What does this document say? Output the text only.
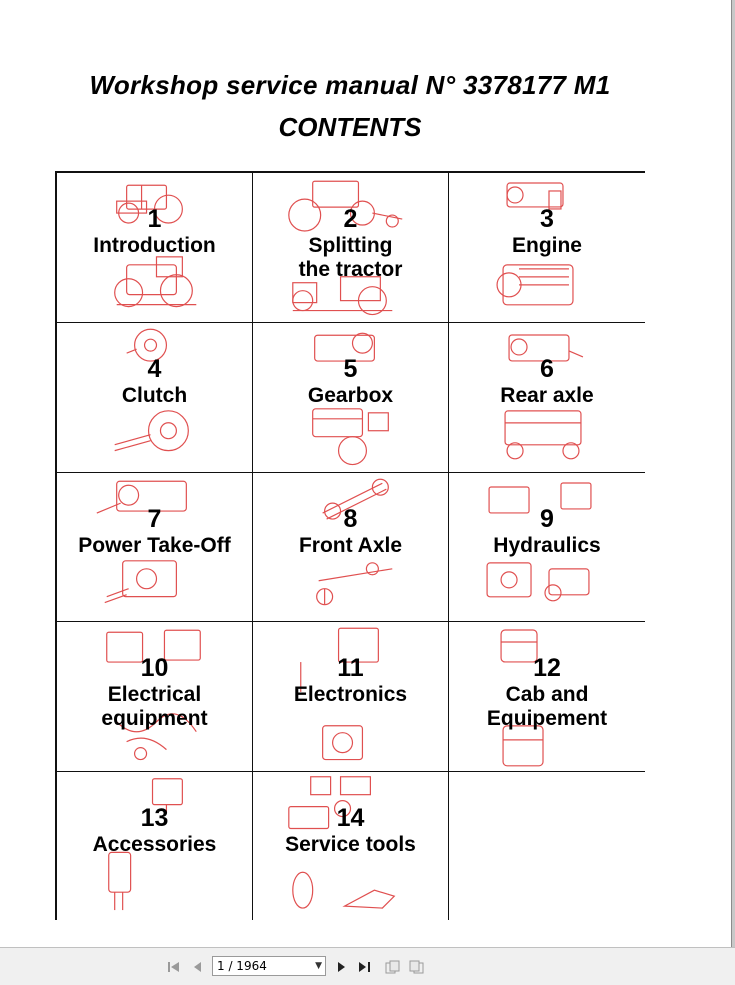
Workshop service manual N° 3378177 M1
CONTENTS
1
Introduction
2
Splitting
the tractor
3
Engine
4
Clutch
5
Gearbox
6
Rear axle
7
Power Take-Off
8
Front Axle
9
Hydraulics
10
Electrical
equipment
11
Electronics
12
Cab and
Equipement
13
Accessories
14
Service tools
1 / 1964	▼
